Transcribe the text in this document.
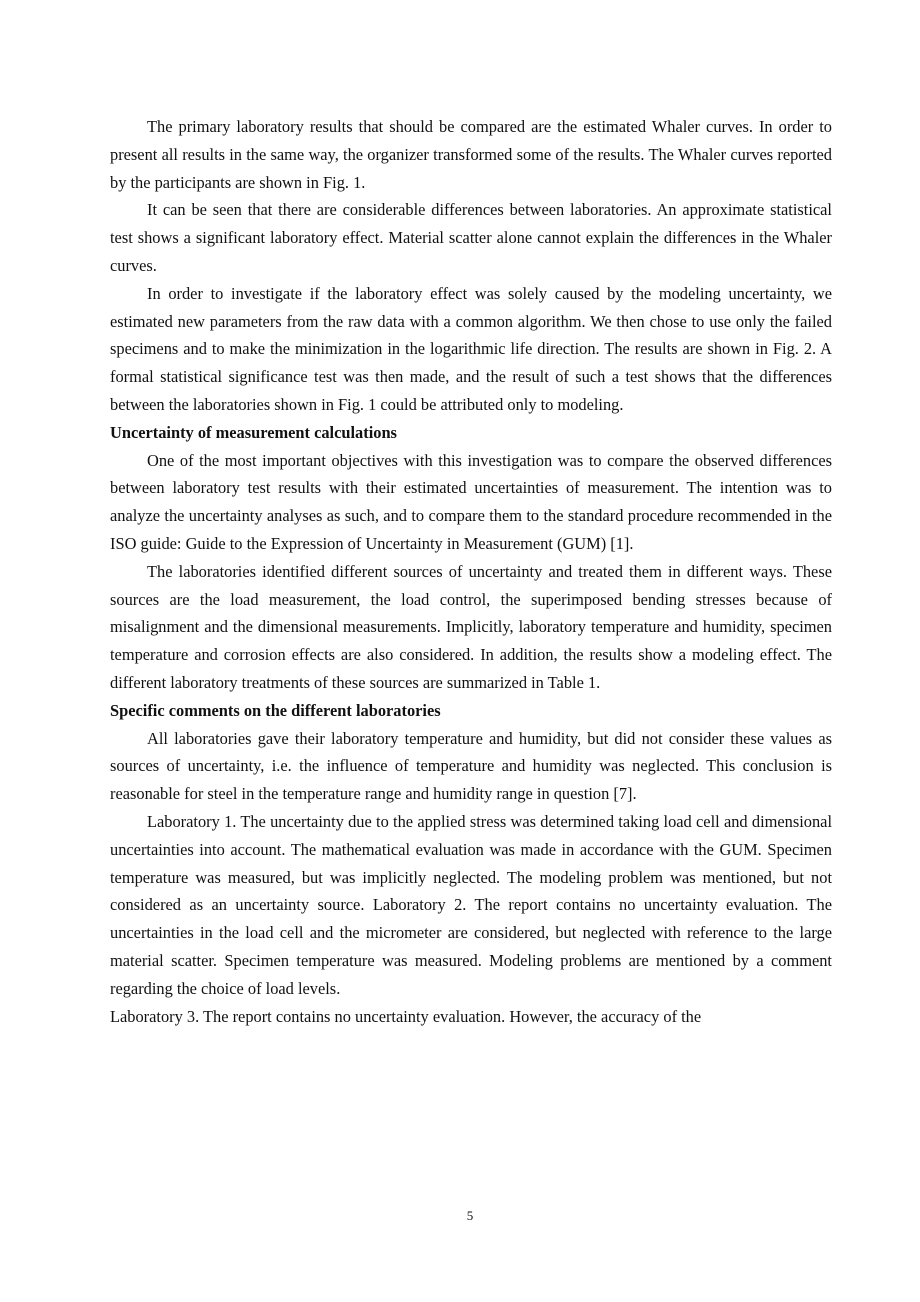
The primary laboratory results that should be compared are the estimated Whaler curves. In order to present all results in the same way, the organizer transformed some of the results. The Whaler curves reported by the participants are shown in Fig. 1.

It can be seen that there are considerable differences between laboratories. An approximate statistical test shows a significant laboratory effect. Material scatter alone cannot explain the differences in the Whaler curves.

In order to investigate if the laboratory effect was solely caused by the modeling uncertainty, we estimated new parameters from the raw data with a common algorithm. We then chose to use only the failed specimens and to make the minimization in the logarithmic life direction. The results are shown in Fig. 2. A formal statistical significance test was then made, and the result of such a test shows that the differences between the laboratories shown in Fig. 1 could be attributed only to modeling.

Uncertainty of measurement calculations

One of the most important objectives with this investigation was to compare the observed differences between laboratory test results with their estimated uncertainties of measurement. The intention was to analyze the uncertainty analyses as such, and to compare them to the standard procedure recommended in the ISO guide: Guide to the Expression of Uncertainty in Measurement (GUM) [1].

The laboratories identified different sources of uncertainty and treated them in different ways. These sources are the load measurement, the load control, the superimposed bending stresses because of misalignment and the dimensional measurements. Implicitly, laboratory temperature and humidity, specimen temperature and corrosion effects are also considered. In addition, the results show a modeling effect. The different laboratory treatments of these sources are summarized in Table 1.

Specific comments on the different laboratories

All laboratories gave their laboratory temperature and humidity, but did not consider these values as sources of uncertainty, i.e. the influence of temperature and humidity was neglected. This conclusion is reasonable for steel in the temperature range and humidity range in question [7].

Laboratory 1. The uncertainty due to the applied stress was determined taking load cell and dimensional uncertainties into account. The mathematical evaluation was made in accordance with the GUM. Specimen temperature was measured, but was implicitly neglected. The modeling problem was mentioned, but not considered as an uncertainty source. Laboratory 2. The report contains no uncertainty evaluation. The uncertainties in the load cell and the micrometer are considered, but neglected with reference to the large material scatter. Specimen temperature was measured. Modeling problems are mentioned by a comment regarding the choice of load levels.

Laboratory 3. The report contains no uncertainty evaluation. However, the accuracy of the

5
